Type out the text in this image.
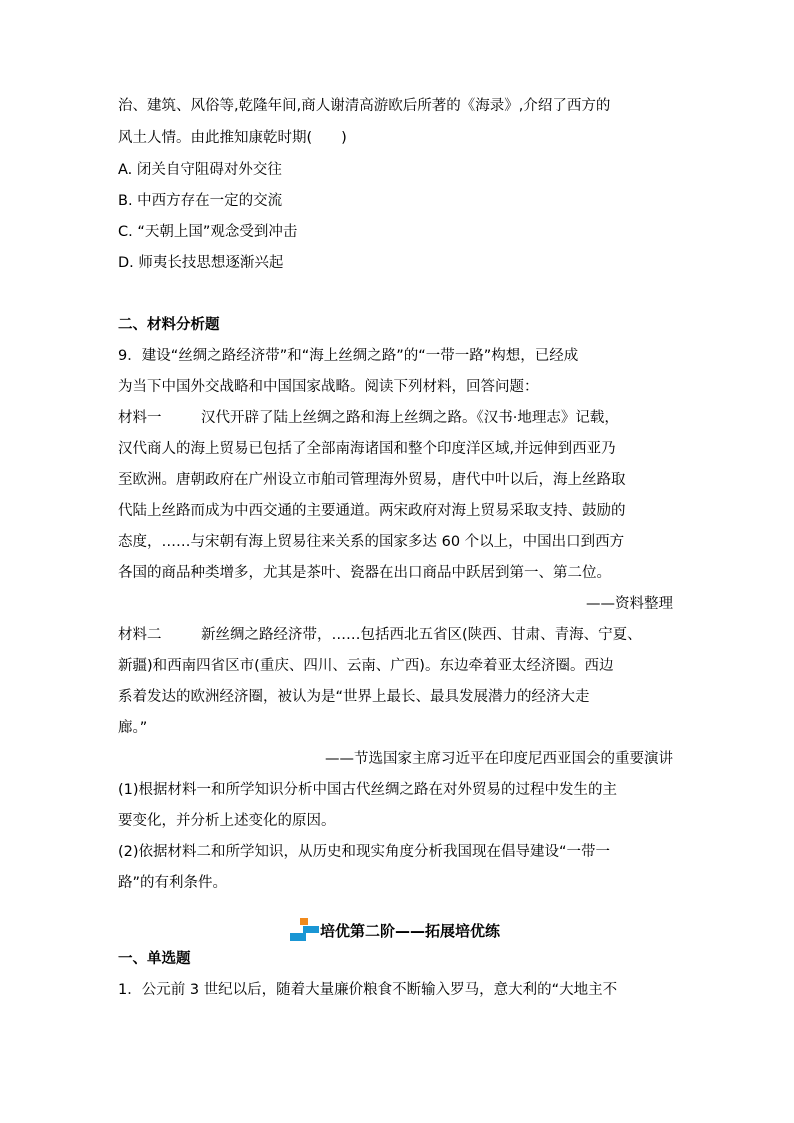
治、建筑、风俗等,乾隆年间,商人谢清高游欧后所著的《海录》,介绍了西方的
风土人情。由此推知康乾时期(　　)
A. 闭关自守阻碍对外交往
B. 中西方存在一定的交流
C. “天朝上国”观念受到冲击
D. 师夷长技思想逐渐兴起
二、材料分析题
9．建设“丝绸之路经济带”和“海上丝绸之路”的“一带一路”构想，已经成
为当下中国外交战略和中国国家战略。阅读下列材料，回答问题：
材料一	汉代开辟了陆上丝绸之路和海上丝绸之路。《汉书·地理志》记载，
汉代商人的海上贸易已包括了全部南海诸国和整个印度洋区域,并远伸到西亚乃
至欧洲。唐朝政府在广州设立市舶司管理海外贸易，唐代中叶以后，海上丝路取
代陆上丝路而成为中西交通的主要通道。两宋政府对海上贸易采取支持、鼓励的
态度，……与宋朝有海上贸易往来关系的国家多达 60 个以上，中国出口到西方
各国的商品种类增多，尤其是茶叶、瓷器在出口商品中跃居到第一、第二位。
——资料整理
材料二	新丝绸之路经济带，……包括西北五省区(陕西、甘肃、青海、宁夏、
新疆)和西南四省区市(重庆、四川、云南、广西)。东边牵着亚太经济圈。西边
系着发达的欧洲经济圈，被认为是“世界上最长、最具发展潜力的经济大走
廊。”
——节选国家主席习近平在印度尼西亚国会的重要演讲
(1)根据材料一和所学知识分析中国古代丝绸之路在对外贸易的过程中发生的主
要变化，并分析上述变化的原因。
(2)依据材料二和所学知识，从历史和现实角度分析我国现在倡导建设“一带一
路”的有利条件。
培优第二阶——拓展培优练
一、单选题
1．公元前 3 世纪以后，随着大量廉价粮食不断输入罗马，意大利的“大地主不
